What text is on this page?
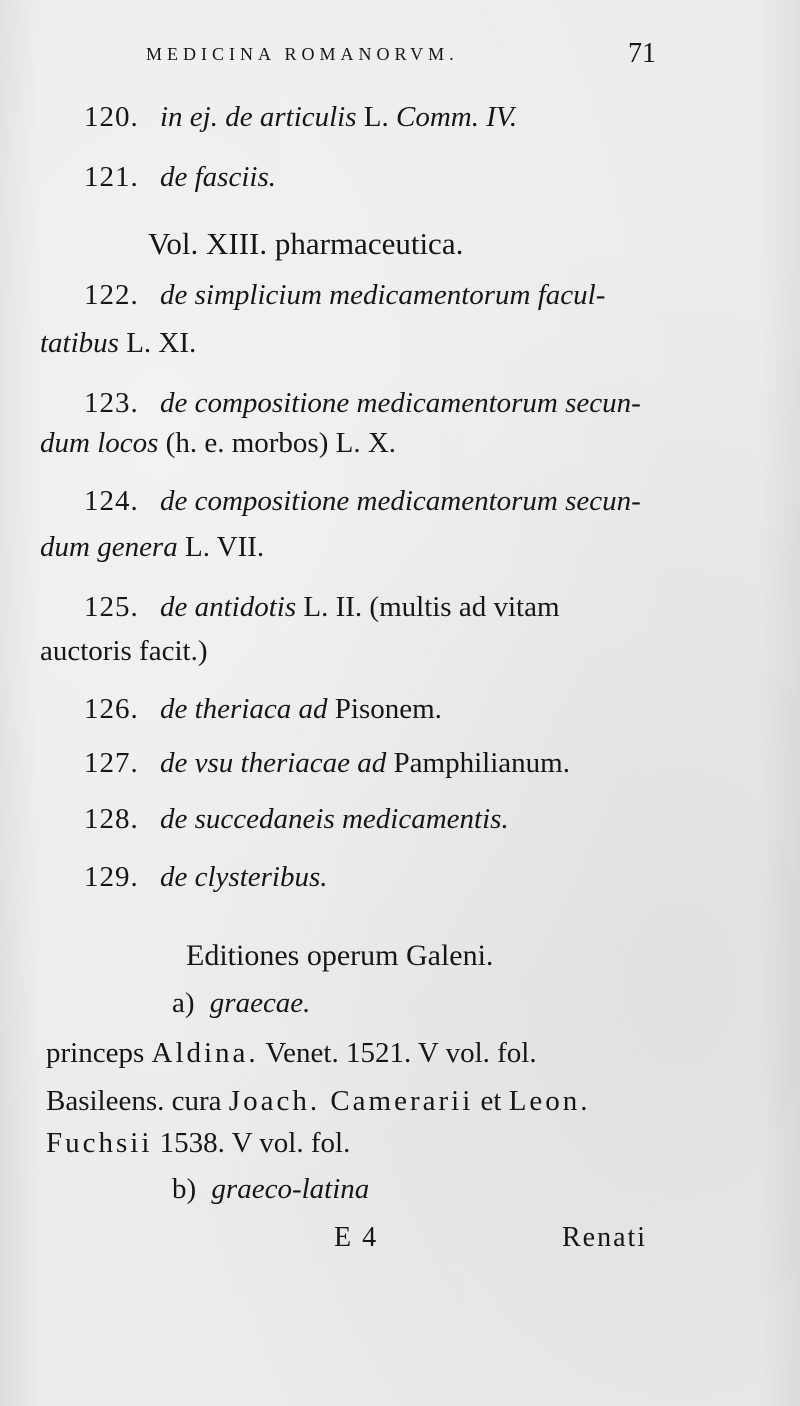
MEDICINA ROMANORVM.	71
120. in ej. de articulis L. Comm. IV.
121. de fasciis.
Vol. XIII. pharmaceutica.
122. de simplicium medicamentorum facul-
tatibus L. XI.
123. de compositione medicamentorum secun-
dum locos (h. e. morbos) L. X.
124. de compositione medicamentorum secun-
dum genera L. VII.
125. de antidotis L. II. (multis ad vitam
auctoris facit.)
126. de theriaca ad Pisonem.
127. de vsu theriacae ad Pamphilianum.
128. de succedaneis medicamentis.
129. de clysteribus.
Editiones operum Galeni.
a) graecae.
princeps Aldina. Venet. 1521. V vol. fol.
Basileens. cura Joach. Camerarii et Leon.
Fuchsii 1538. V vol. fol.
b) graeco-latina
E 4	Renati
